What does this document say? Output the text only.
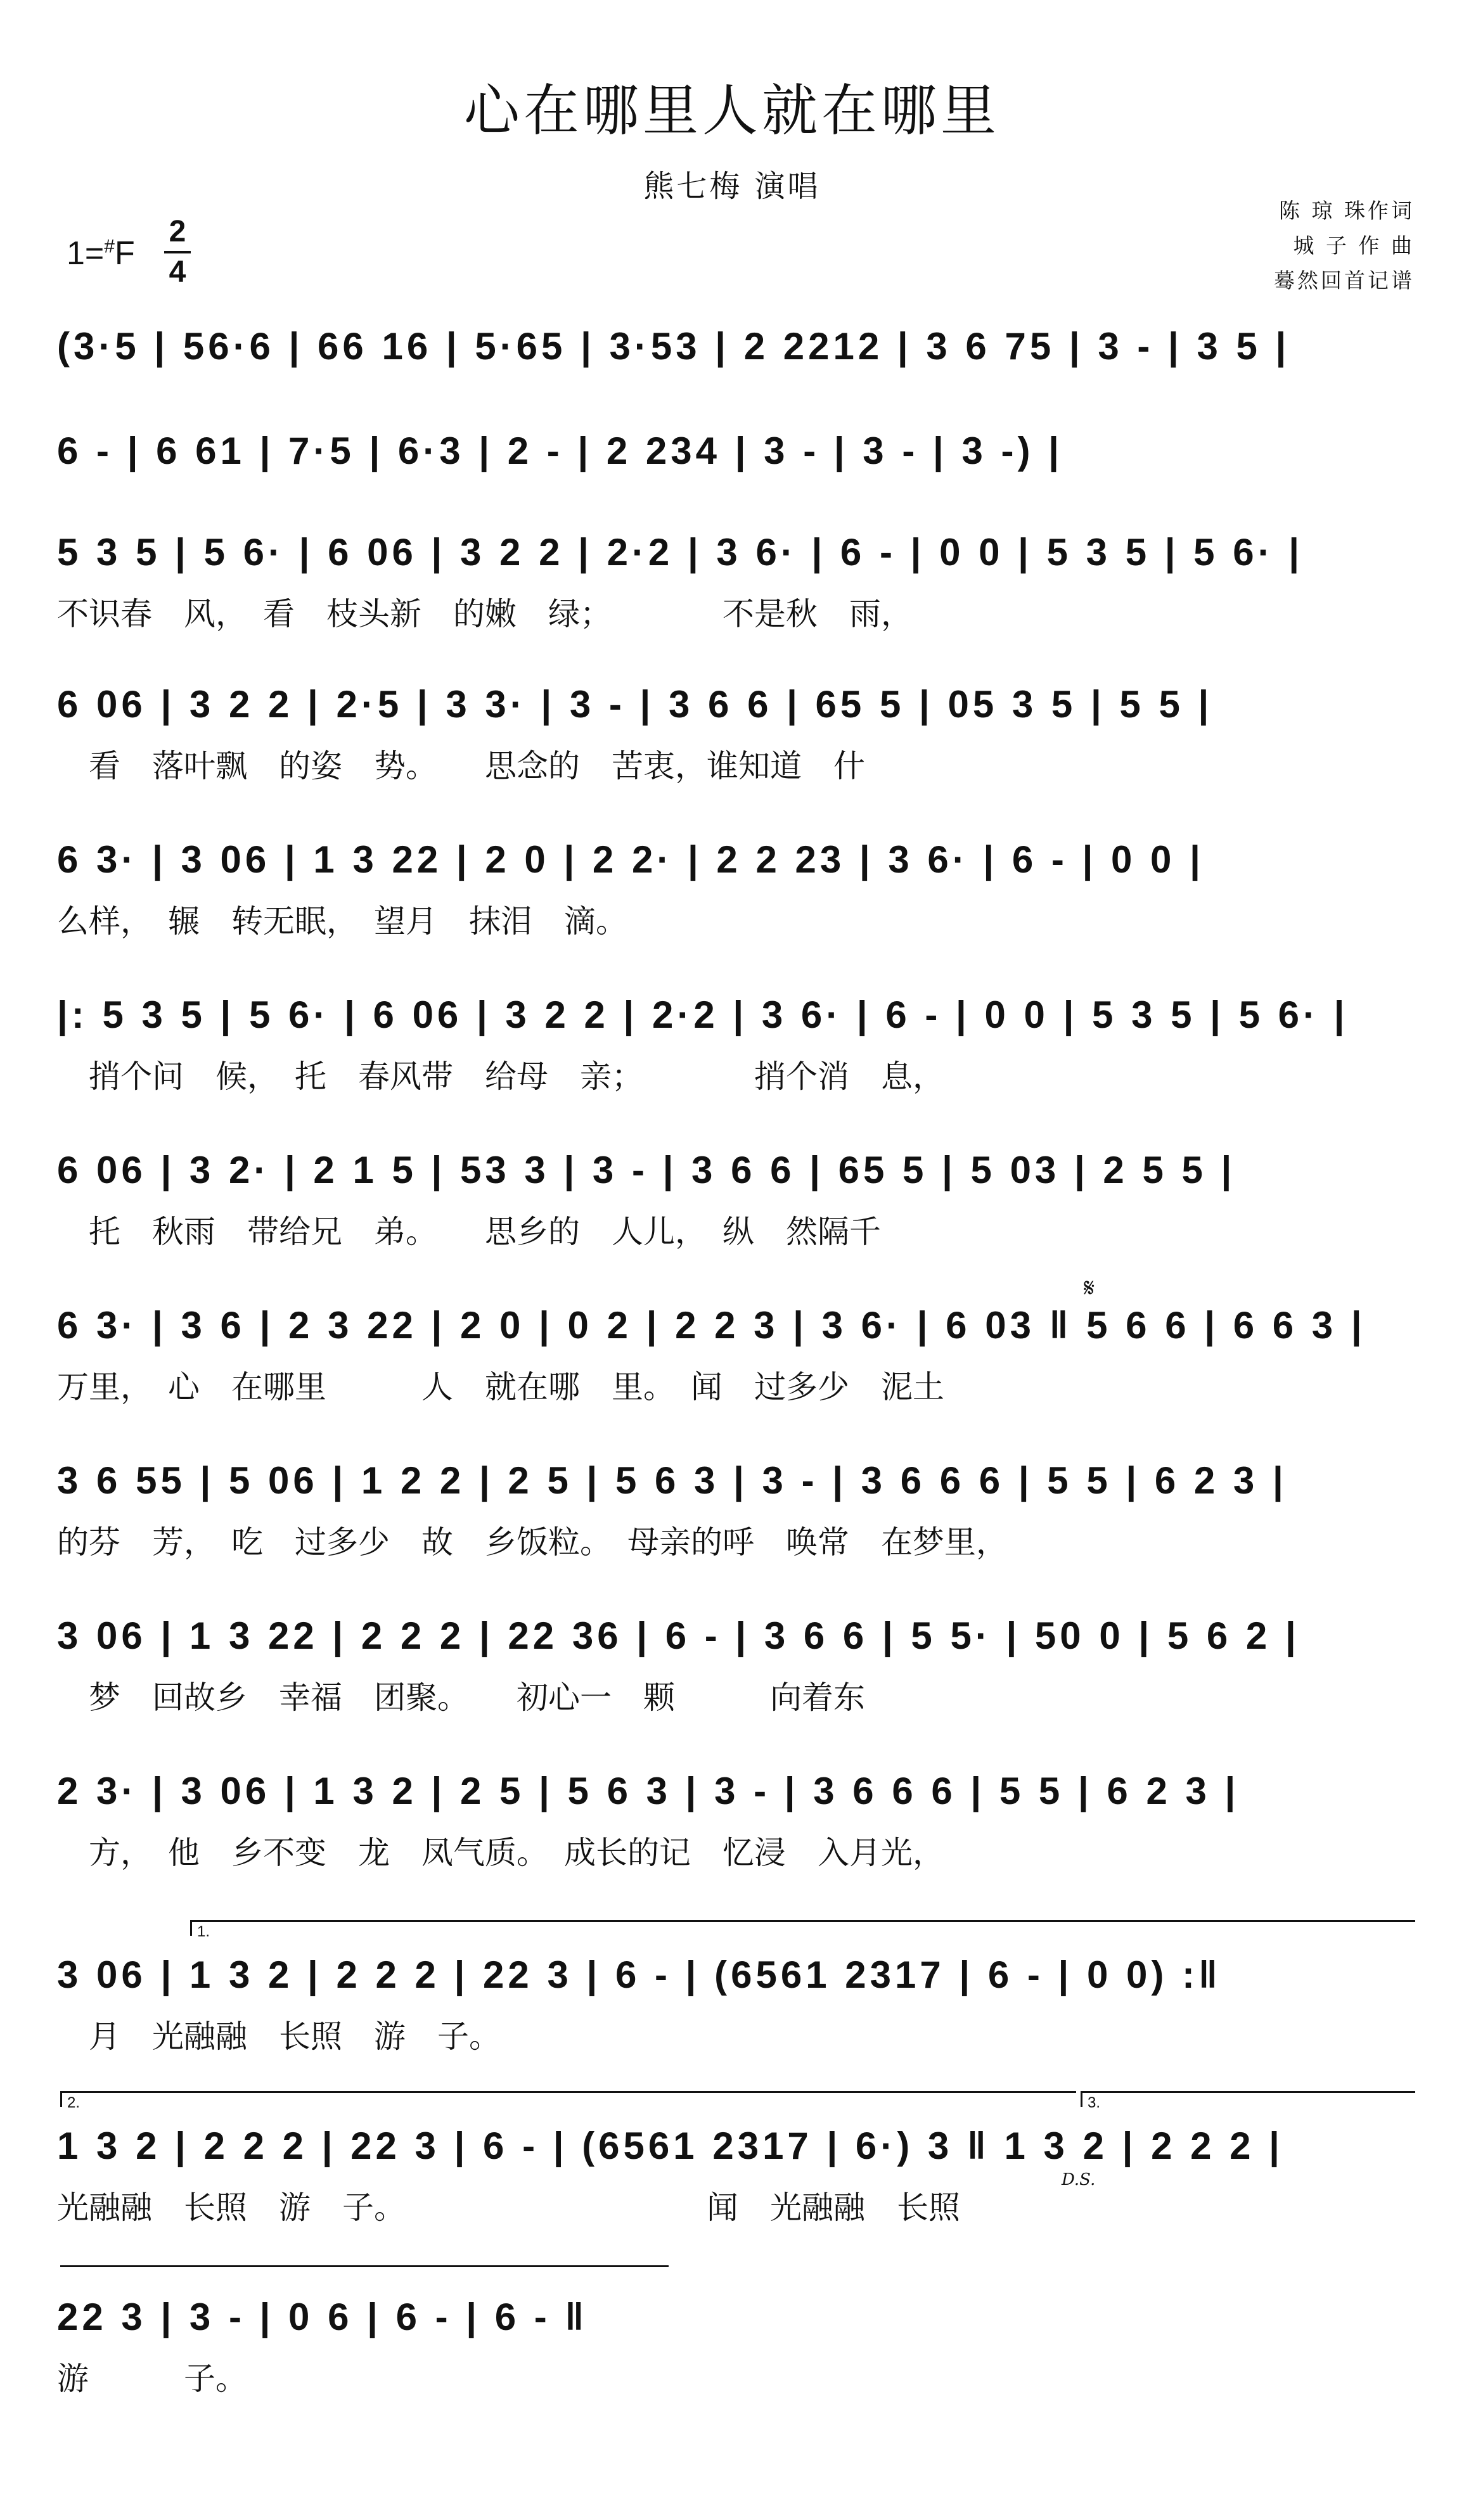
心在哪里人就在哪里
熊七梅 演唱
陈 琼 珠作词
城 子 作 曲
蓦然回首记谱
1=#F
2
4
(3·5 | 56·6 | 66 16 | 5·65 | 3·53 | 2 2212 | 3 6 75 | 3 - | 3 5 |
6 - | 6 61 | 7·5 | 6·3 | 2 - | 2 234 | 3 - | 3 - | 3 -) |
5 3 5 | 5 6· | 6 06 | 3 2 2 | 2·2 | 3 6· | 6 - | 0 0 | 5 3 5 | 5 6· |
不识春　风，　看　枝头新　的嫩　绿；　　　　不是秋　雨，
6 06 | 3 2 2 | 2·5 | 3 3· | 3 - | 3 6 6 | 65 5 | 05 3 5 | 5 5 |
　看　落叶飘　的姿　势。　　思念的　苦衷，谁知道　什
6 3· | 3 06 | 1 3 22 | 2 0 | 2 2· | 2 2 23 | 3 6· | 6 - | 0 0 |
么样，　辗　转无眠，　望月　抹泪　滴。
|: 5 3 5 | 5 6· | 6 06 | 3 2 2 | 2·2 | 3 6· | 6 - | 0 0 | 5 3 5 | 5 6· |
　捎个问　候，　托　春风带　给母　亲；　　　　捎个消　息，
6 06 | 3 2· | 2 1 5 | 53 3 | 3 - | 3 6 6 | 65 5 | 5 03 | 2 5 5 |
　托　秋雨　带给兄　弟。　　思乡的　人儿，　纵　然隔千
6 3· | 3 6 | 2 3 22 | 2 0 | 0 2 | 2 2 3 | 3 6· | 6 03 ‖ 5 6 6 | 6 6 3 |
万里，　心　在哪里　　　人　就在哪　里。　闻　过多少　泥土
3 6 55 | 5 06 | 1 2 2 | 2 5 | 5 6 3 | 3 - | 3 6 6 6 | 5 5 | 6 2 3 |
的芬　芳，　吃　过多少　故　乡饭粒。　母亲的呼　唤常　在梦里，
3 06 | 1 3 22 | 2 2 2 | 22 36 | 6 - | 3 6 6 | 5 5· | 50 0 | 5 6 2 |
　梦　回故乡　幸福　团聚。　　初心一　颗　　　向着东
2 3· | 3 06 | 1 3 2 | 2 5 | 5 6 3 | 3 - | 3 6 6 6 | 5 5 | 6 2 3 |
　方，　他　乡不变　龙　凤气质。　成长的记　忆浸　入月光，
3 06 | 1 3 2 | 2 2 2 | 22 3 | 6 - | (6561 2317 | 6 - | 0 0) :‖
　月　光融融　长照　游　子。
1 3 2 | 2 2 2 | 22 3 | 6 - | (6561 2317 | 6·) 3 ‖ 1 3 2 | 2 2 2 |
光融融　长照　游　子。　　　　　　　　　　闻　光融融　长照
22 3 | 3 - | 0 6 | 6 - | 6 - ‖
游　　　子。
1.
2.	3.
𝄋
D.S.
